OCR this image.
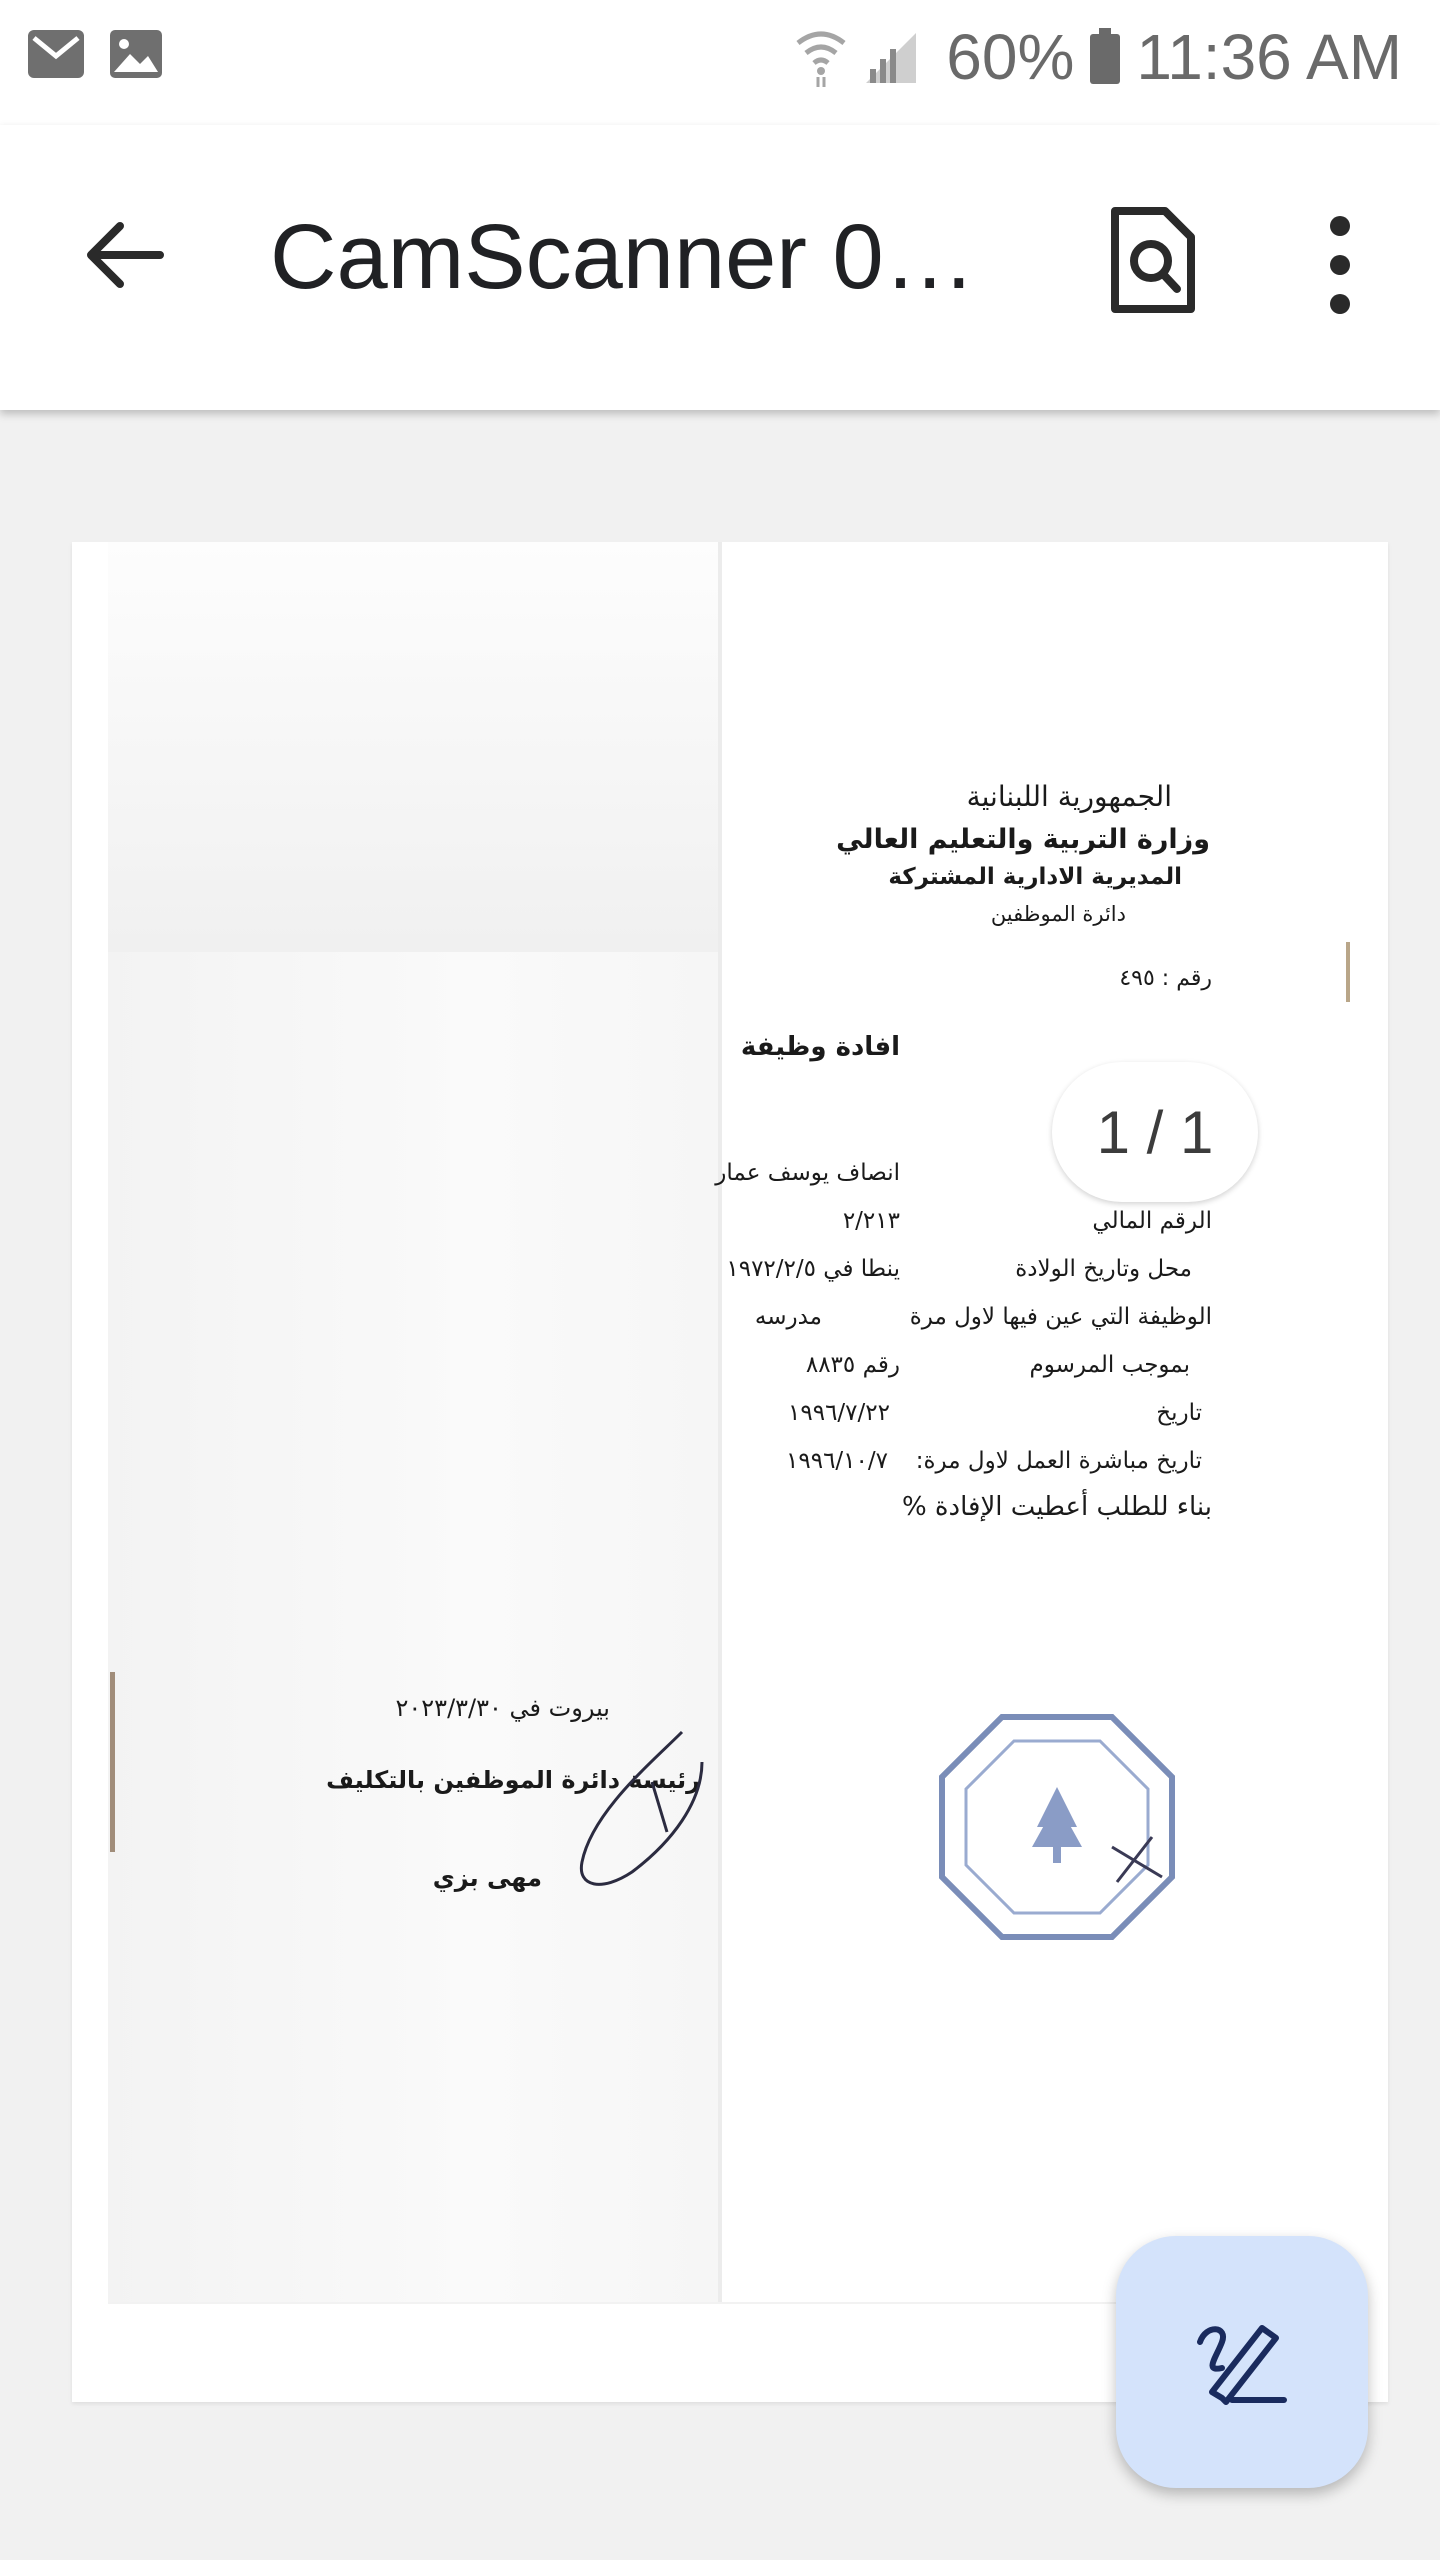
60% 11:36 AM
CamScanner 0…
الجمهورية اللبنانية
وزارة التربية والتعليم العالي
المديرية الادارية المشتركة
دائرة الموظفين
رقم : ٤٩٥
افادة وظيفة
انصاف يوسف عمار
الرقم المالي
٢/٢١٣
محل وتاريخ الولادة
ينطا في ١٩٧٢/٢/٥
الوظيفة التي عين فيها لاول مرة
مدرسه
بموجب المرسوم
رقم ٨٨٣٥
تاريخ
١٩٩٦/٧/٢٢
تاريخ مباشرة العمل لاول مرة:
١٩٩٦/١٠/٧
بناء للطلب أعطيت الإفادة %
بيروت في ٢٠٢٣/٣/٣٠
رئيسة دائرة الموظفين بالتكليف
مهى بزي
1 / 1
